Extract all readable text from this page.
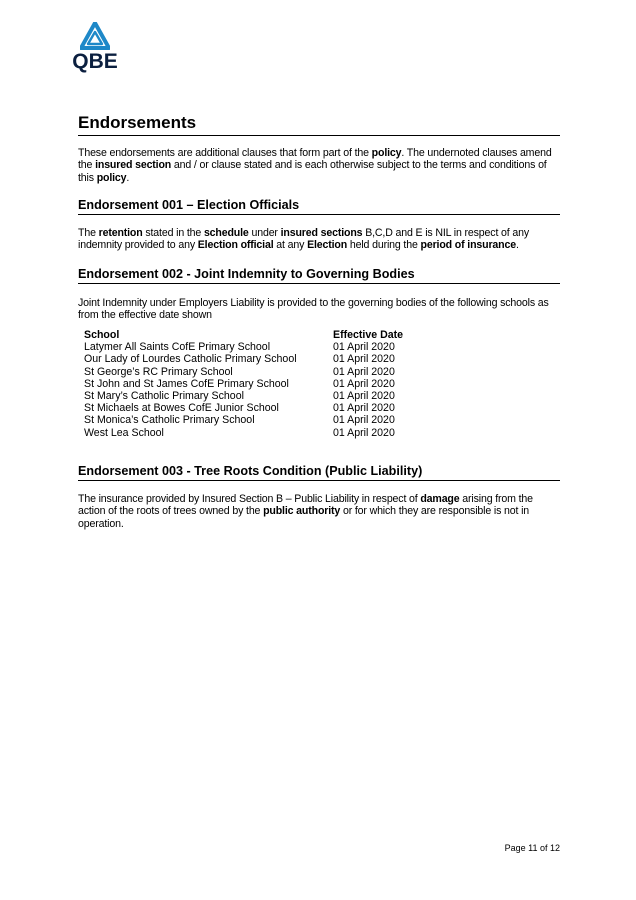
QBE
Endorsements
These endorsements are additional clauses that form part of the policy. The undernoted clauses amend the insured section and / or clause stated and is each otherwise subject to the terms and conditions of this policy.
Endorsement 001 – Election Officials
The retention stated in the schedule under insured sections B,C,D and E is NIL in respect of any indemnity provided to any Election official at any Election held during the period of insurance.
Endorsement 002 - Joint Indemnity to Governing Bodies
Joint Indemnity under Employers Liability is provided to the governing bodies of the following schools as from the effective date shown
School	Effective Date
Latymer All Saints CofE Primary School	01 April 2020
Our Lady of Lourdes Catholic Primary School	01 April 2020
St George’s RC Primary School	01 April 2020
St John and St James CofE Primary School	01 April 2020
St Mary’s Catholic Primary School	01 April 2020
St Michaels at Bowes CofE Junior School	01 April 2020
St Monica’s Catholic Primary School	01 April 2020
West Lea School	01 April 2020
Endorsement 003 - Tree Roots Condition (Public Liability)
The insurance provided by Insured Section B – Public Liability in respect of damage arising from the action of the roots of trees owned by the public authority or for which they are responsible is not in operation.
Page 11 of 12
